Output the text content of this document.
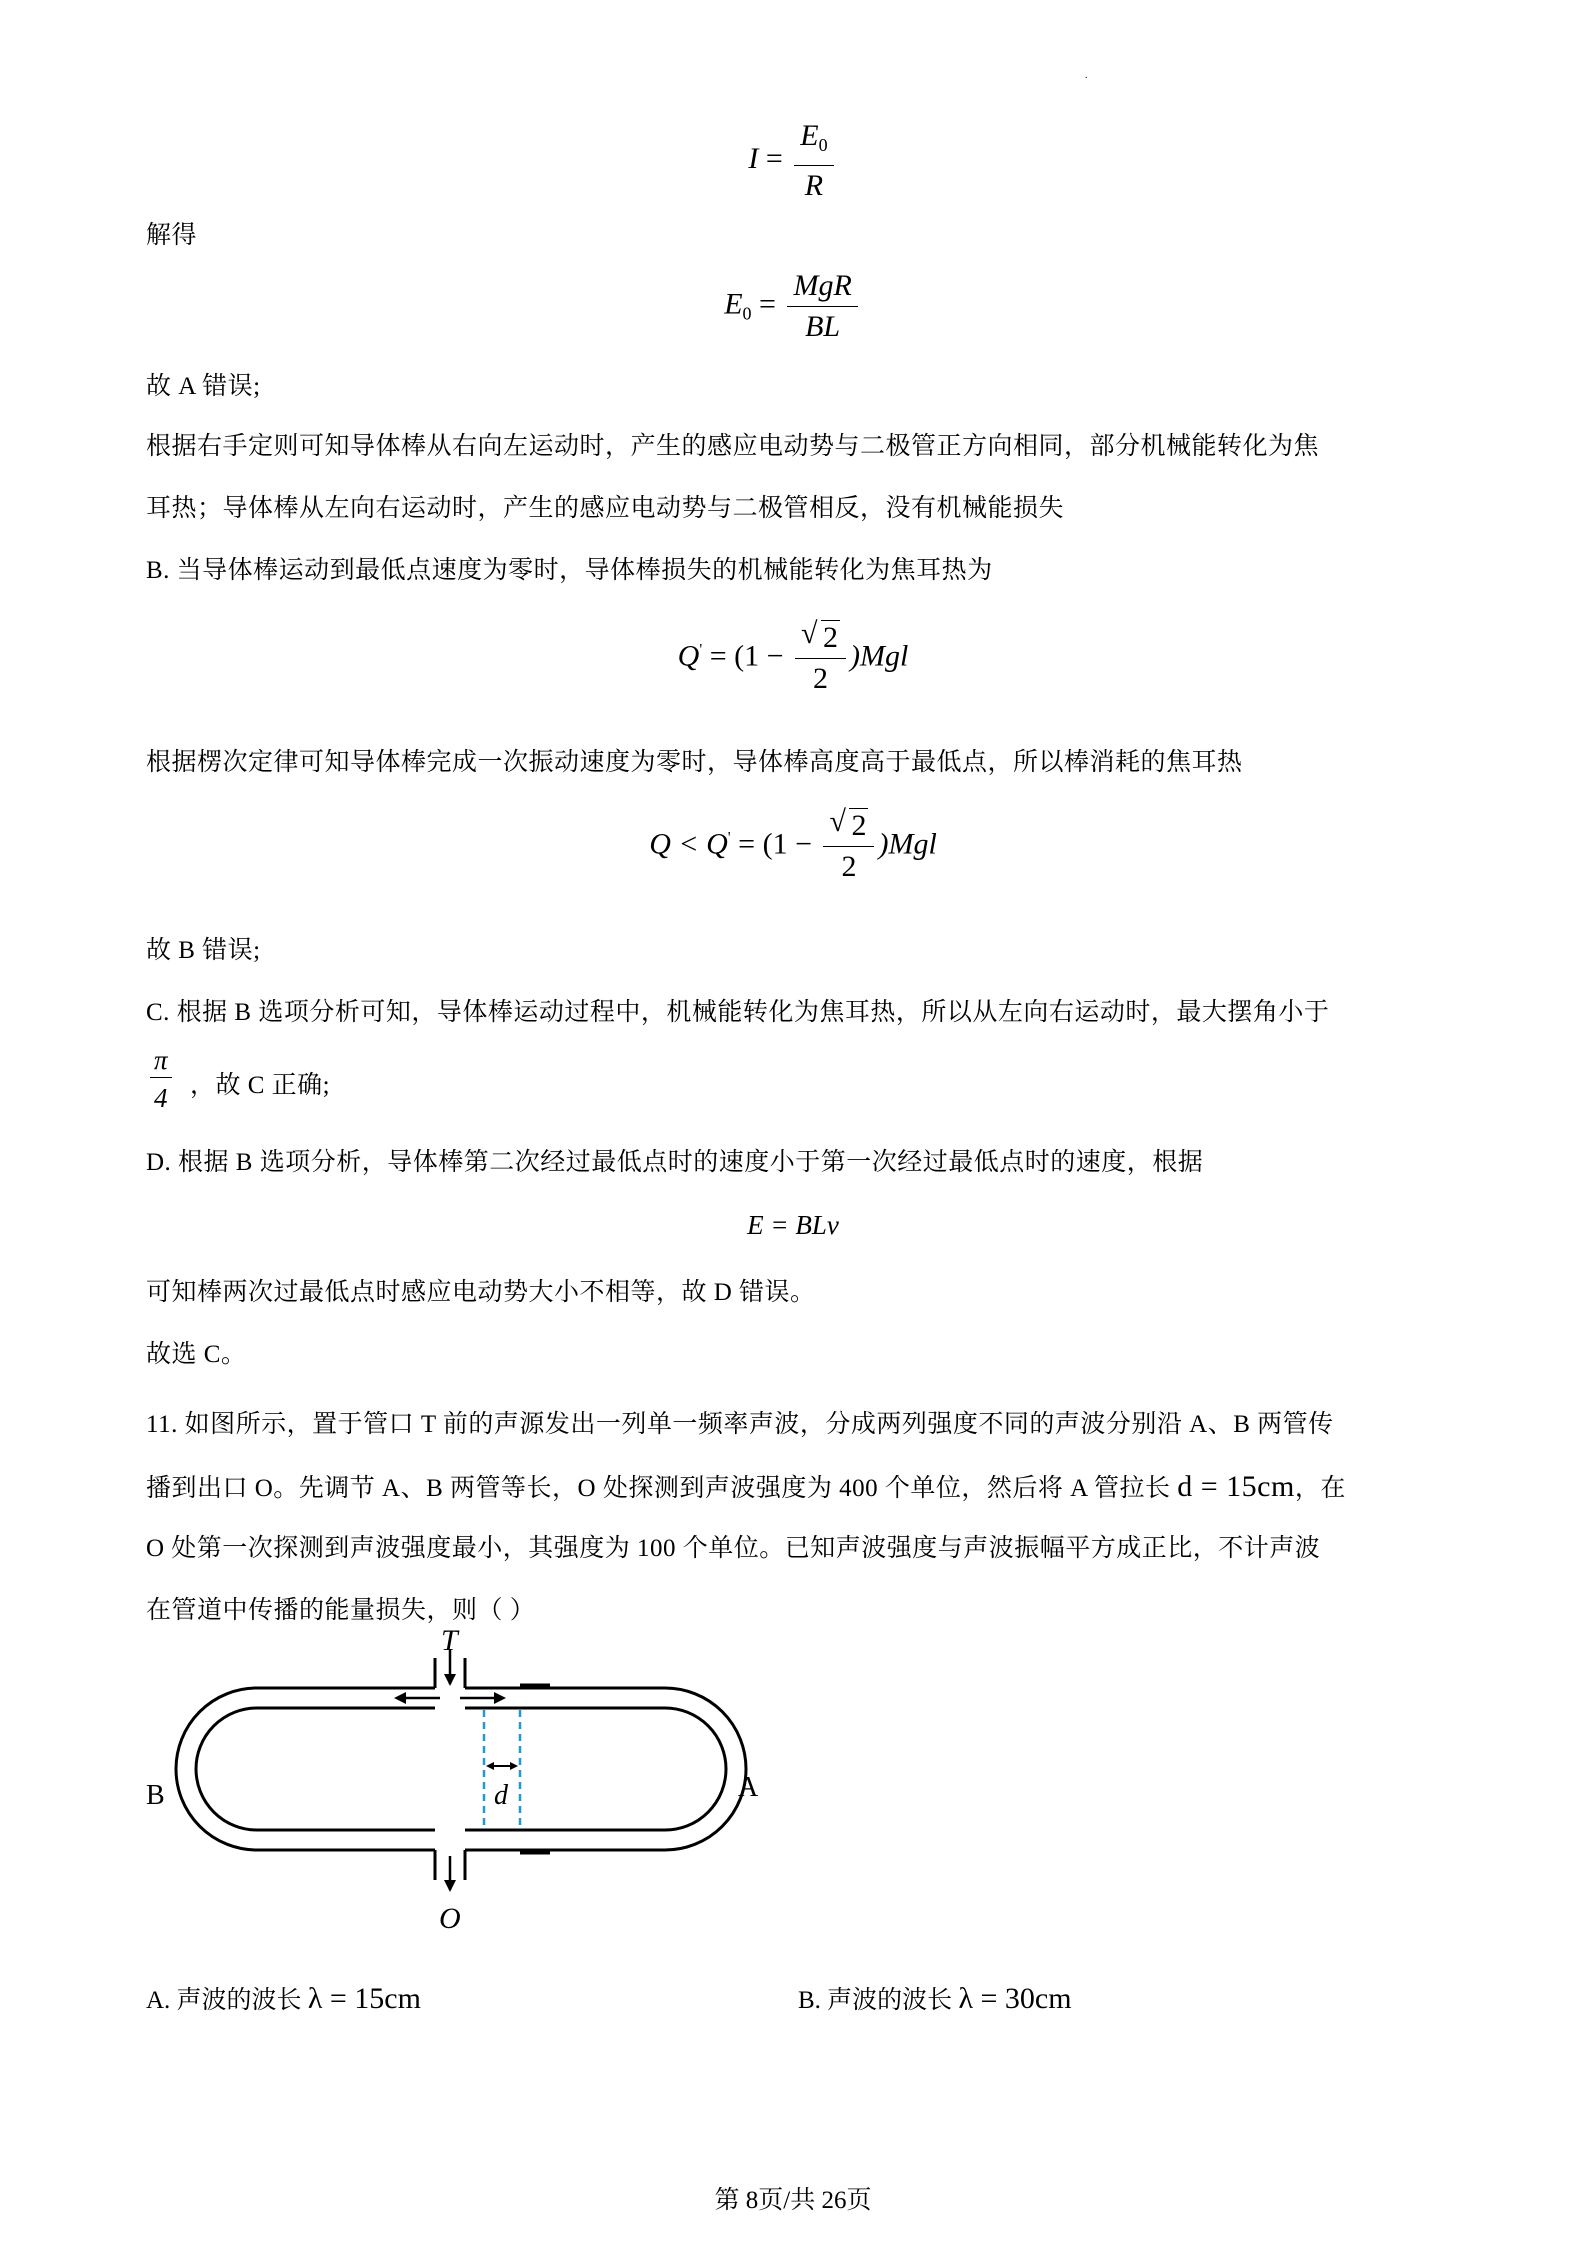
.
$I = \frac{E_0}{R}$
解得
$E_0 = \frac{\text{MgR}}{BL}$
故 A 错误;
根据右手定则可知导体棒从右向左运动时，产生的感应电动势与二极管正方向相同，部分机械能转化为焦
耳热；导体棒从左向右运动时，产生的感应电动势与二极管相反，没有机械能损失
B. 当导体棒运动到最低点速度为零时，导体棒损失的机械能转化为焦耳热为
$Q' = (1 - \frac{√ 2}{2} )Mgl$
根据楞次定律可知导体棒完成一次振动速度为零时，导体棒高度高于最低点，所以棒消耗的焦耳热
$Q < Q' = (1 - \frac{√ 2}{2} )Mgl$
故 B 错误;
C. 根据 B 选项分析可知，导体棒运动过程中，机械能转化为焦耳热，所以从左向右运动时，最大摆角小于
$\frac{\pi}{4}$ ，故 C 正确;
D. 根据 B 选项分析，导体棒第二次经过最低点时的速度小于第一次经过最低点时的速度，根据
E = BLv
可知棒两次过最低点时感应电动势大小不相等，故 D 错误。
故选 C。
11. 如图所示，置于管口 T 前的声源发出一列单一频率声波，分成两列强度不同的声波分别沿 A、B 两管传
播到出口 O。先调节 A、B 两管等长，O 处探测到声波强度为 400 个单位，然后将 A 管拉长 d = 15cm，在
O 处第一次探测到声波强度最小，其强度为 100 个单位。已知声波强度与声波振幅平方成正比，不计声波
在管道中传播的能量损失，则（ ）
T
O
A
B	d
A. 声波的波长 λ = 15cm	B. 声波的波长 λ = 30cm
第 8页/共 26页
